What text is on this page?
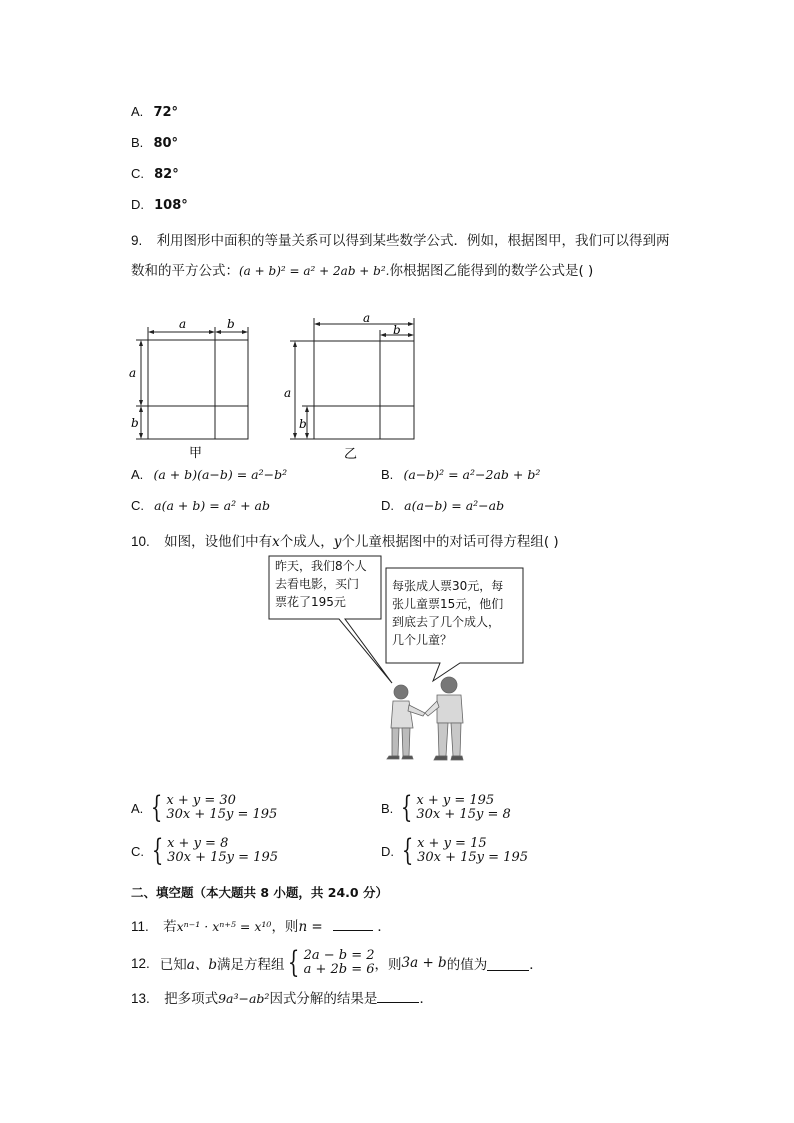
A. 72°
B. 80°
C. 82°
D. 108°
9. 利用图形中面积的等量关系可以得到某些数学公式．例如，根据图甲，我们可以得到两
数和的平方公式：(a + b)² = a² + 2ab + b².你根据图乙能得到的数学公式是( )
a	b
a
b
甲
a
b
a
b
乙
A. (a + b)(a−b) = a²−b²	B. (a−b)² = a²−2ab + b²
C. a(a + b) = a² + ab	D. a(a−b) = a²−ab
10. 如图，设他们中有x个成人，y个儿童根据图中的对话可得方程组( )
昨天，我们8个人
去看电影，买门
票花了195元
每张成人票30元，每
张儿童票15元，他们
到底去了几个成人，
几个儿童？
A. { x + y = 30
30x + 15y = 195	B. { x + y = 195
30x + 15y = 8
C. { x + y = 8
30x + 15y = 195	D. { x + y = 15
30x + 15y = 195
二、填空题（本大题共 8 小题，共 24.0 分）
11. 若xⁿ⁻¹ · xⁿ⁺⁵ = x¹⁰，则n =	．
12. 已知 a、b 满足方程组 { 2a − b = 2
a + 2b = 6 ，则 3a + b 的值为	．
13. 把多项式9a³−ab²因式分解的结果是	．
